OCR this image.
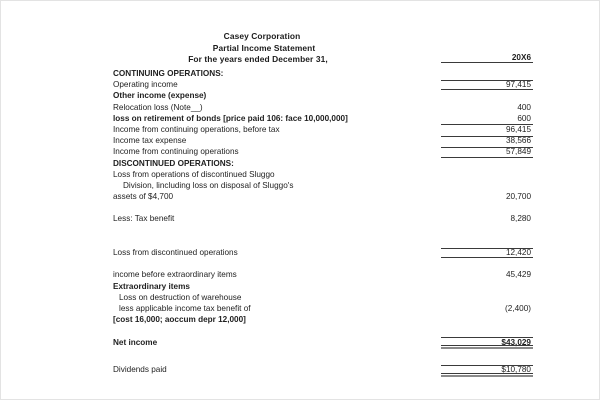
Casey Corporation
Partial Income Statement
For the years ended December 31,	20X6
CONTINUING OPERATIONS:
Operating income	97,415
Other income (expense)
Relocation loss (Note__)	400
loss on retirement of bonds [price paid 106: face 10,000,000]	600
Income from continuing operations, before tax	96,415
Income tax expense	38,566
Income from continuing operations	57,849
DISCONTINUED OPERATIONS:
Loss from operations of discontinued Sluggo
Division, lincluding loss on disposal of Sluggo's
assets of $4,700	20,700
Less: Tax benefit	8,280
Loss from discontinued operations	12,420
income before extraordinary items	45,429
Extraordinary items
Loss on destruction of warehouse
less applicable income tax benefit of	(2,400)
[cost 16,000; aoccum depr 12,000]
Net income	$43,029
Dividends paid	$10,780
